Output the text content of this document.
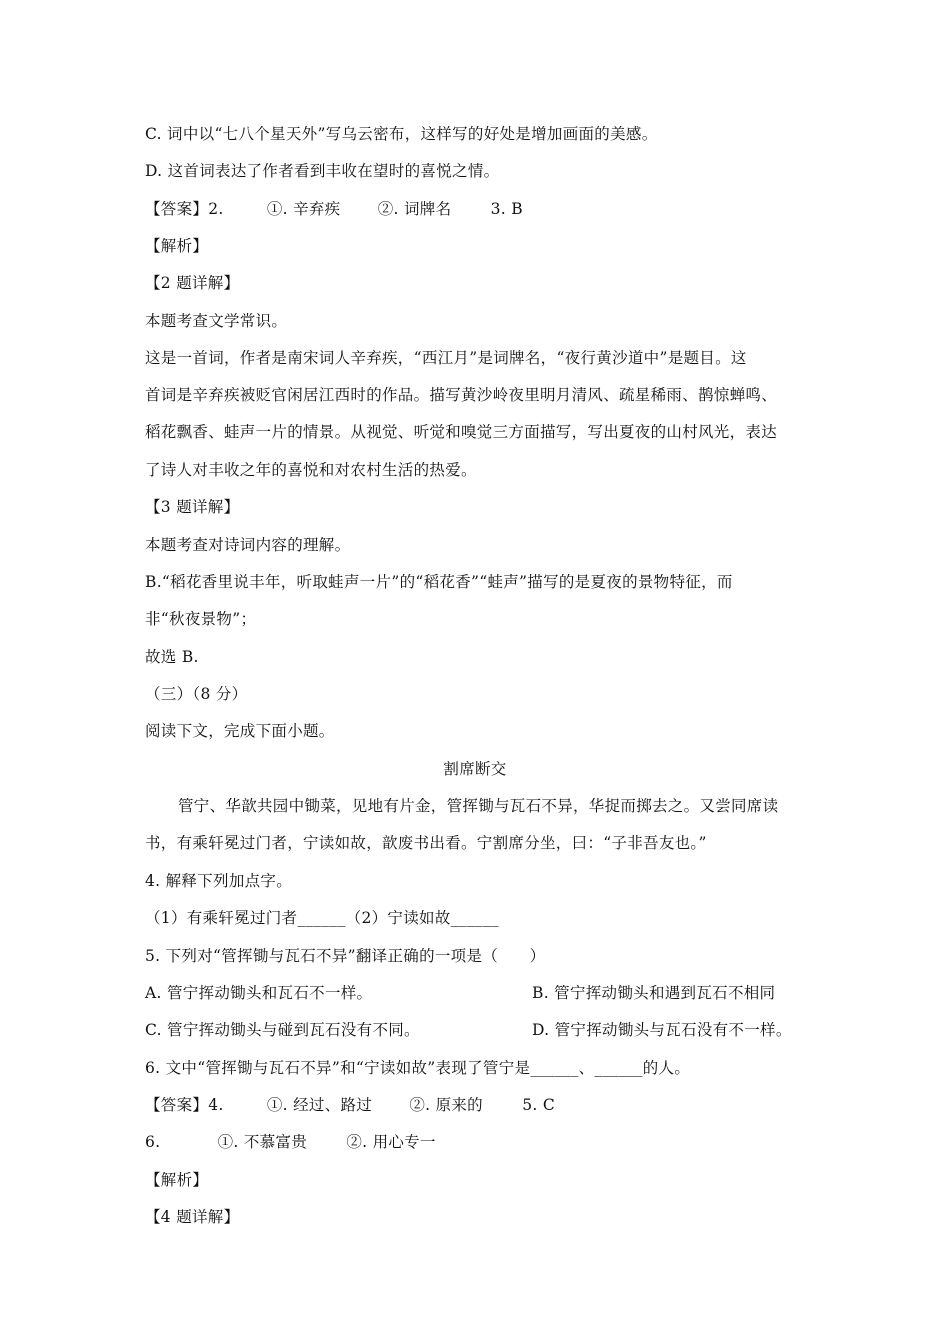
C. 词中以“七八个星天外”写乌云密布，这样写的好处是增加画面的美感。
D. 这首词表达了作者看到丰收在望时的喜悦之情。
【答案】2.	①. 辛弃疾 ②. 词牌名	3. B
【解析】
【2 题详解】
本题考查文学常识。
这是一首词，作者是南宋词人辛弃疾，“西江月”是词牌名，“夜行黄沙道中”是题目。这
首词是辛弃疾被贬官闲居江西时的作品。描写黄沙岭夜里明月清风、疏星稀雨、鹊惊蝉鸣、
稻花飘香、蛙声一片的情景。从视觉、听觉和嗅觉三方面描写，写出夏夜的山村风光，表达
了诗人对丰收之年的喜悦和对农村生活的热爱。
【3 题详解】
本题考查对诗词内容的理解。
B.“稻花香里说丰年，听取蛙声一片”的“稻花香”“蛙声”描写的是夏夜的景物特征，而
非“秋夜景物”；
故选 B.
（三）（8 分）
阅读下文，完成下面小题。
割席断交
管宁、华歆共园中锄菜，见地有片金，管挥锄与瓦石不异，华捉而掷去之。又尝同席读
书，有乘轩冕过门者，宁读如故，歆废书出看。宁割席分坐，曰：“子非吾友也。”
4. 解释下列加点字。
（1）有乘轩冕过门者______（2）宁读如故______
5. 下列对“管挥锄与瓦石不异”翻译正确的一项是（　　）
A. 管宁挥动锄头和瓦石不一样。	B. 管宁挥动锄头和遇到瓦石不相同
C. 管宁挥动锄头与碰到瓦石没有不同。	D. 管宁挥动锄头与瓦石没有不一样。
6. 文中“管挥锄与瓦石不异”和“宁读如故”表现了管宁是______、______的人。
【答案】4.	①. 经过、路过 ②. 原来的	5. C
6.	①. 不慕富贵	②. 用心专一
【解析】
【4 题详解】
